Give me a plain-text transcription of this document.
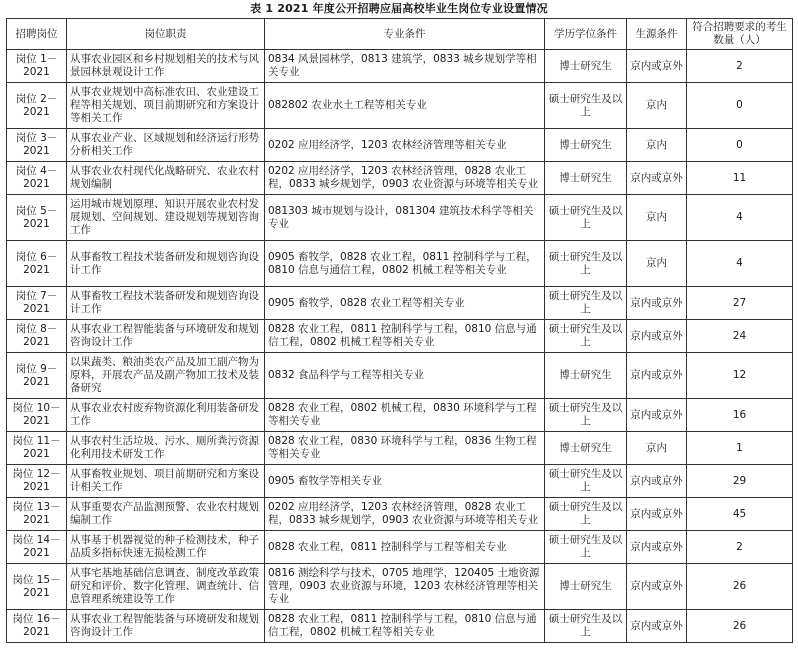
表 1 2021 年度公开招聘应届高校毕业生岗位专业设置情况
招聘岗位	岗位职责	专业条件	学历学位条件	生源条件	符合招聘要求的考生数量（人）
岗位 1－2021	从事农业园区和乡村规划相关的技术与风景园林景观设计工作	0834 风景园林学，0813 建筑学，0833 城乡规划学等相关专业	博士研究生	京内或京外	2
岗位 2－2021	从事农业规划中高标准农田、农业建设工程等相关规划、项目前期研究和方案设计等相关工作	082802 农业水土工程等相关专业	硕士研究生及以上	京内	0
岗位 3－2021	从事农业产业、区域规划和经济运行形势分析相关工作	0202 应用经济学，1203 农林经济管理等相关专业	博士研究生	京内	0
岗位 4－2021	从事农业农村现代化战略研究、农业农村规划编制	0202 应用经济学，1203 农林经济管理，0828 农业工程，0833 城乡规划学，0903 农业资源与环境等相关专业	博士研究生	京内或京外	11
岗位 5－2021	运用城市规划原理、知识开展农业农村发展规划、空间规划、建设规划等规划咨询工作	081303 城市规划与设计，081304 建筑技术科学等相关专业	硕士研究生及以上	京内	4
岗位 6－2021	从事畜牧工程技术装备研发和规划咨询设计工作	0905 畜牧学，0828 农业工程，0811 控制科学与工程，0810 信息与通信工程，0802 机械工程等相关专业	硕士研究生及以上	京内	4
岗位 7－2021	从事畜牧工程技术装备研发和规划咨询设计工作	0905 畜牧学，0828 农业工程等相关专业	硕士研究生及以上	京内或京外	27
岗位 8－2021	从事农业工程智能装备与环境研发和规划咨询设计工作	0828 农业工程，0811 控制科学与工程，0810 信息与通信工程，0802 机械工程等相关专业	硕士研究生及以上	京内或京外	24
岗位 9－2021	以果蔬类、粮油类农产品及加工副产物为原料，开展农产品及副产物加工技术及装备研究	0832 食品科学与工程等相关专业	博士研究生	京内或京外	12
岗位 10－2021	从事农业农村废弃物资源化利用装备研发工作	0828 农业工程，0802 机械工程，0830 环境科学与工程等相关专业	硕士研究生及以上	京内或京外	16
岗位 11－2021	从事农村生活垃圾、污水、厕所粪污资源化利用技术研发工作	0828 农业工程，0830 环境科学与工程，0836 生物工程等相关专业	博士研究生	京内	1
岗位 12－2021	从事畜牧业规划、项目前期研究和方案设计相关工作	0905 畜牧学等相关专业	硕士研究生及以上	京内或京外	29
岗位 13－2021	从事重要农产品监测预警、农业农村规划编制工作	0202 应用经济学，1203 农林经济管理，0828 农业工程，0833 城乡规划学，0903 农业资源与环境等相关专业	硕士研究生及以上	京内或京外	45
岗位 14－2021	从事基于机器视觉的种子检测技术，种子品质多指标快速无损检测工作	0828 农业工程，0811 控制科学与工程等相关专业	硕士研究生及以上	京内或京外	2
岗位 15－2021	从事宅基地基础信息调查、制度改革政策研究和评价、数字化管理、调查统计、信息管理系统建设等工作	0816 测绘科学与技术，0705 地理学，120405 土地资源管理，0903 农业资源与环境，1203 农林经济管理等相关专业	博士研究生	京内或京外	26
岗位 16－2021	从事农业工程智能装备与环境研发和规划咨询设计工作	0828 农业工程，0811 控制科学与工程，0810 信息与通信工程，0802 机械工程等相关专业	硕士研究生及以上	京内或京外	26
